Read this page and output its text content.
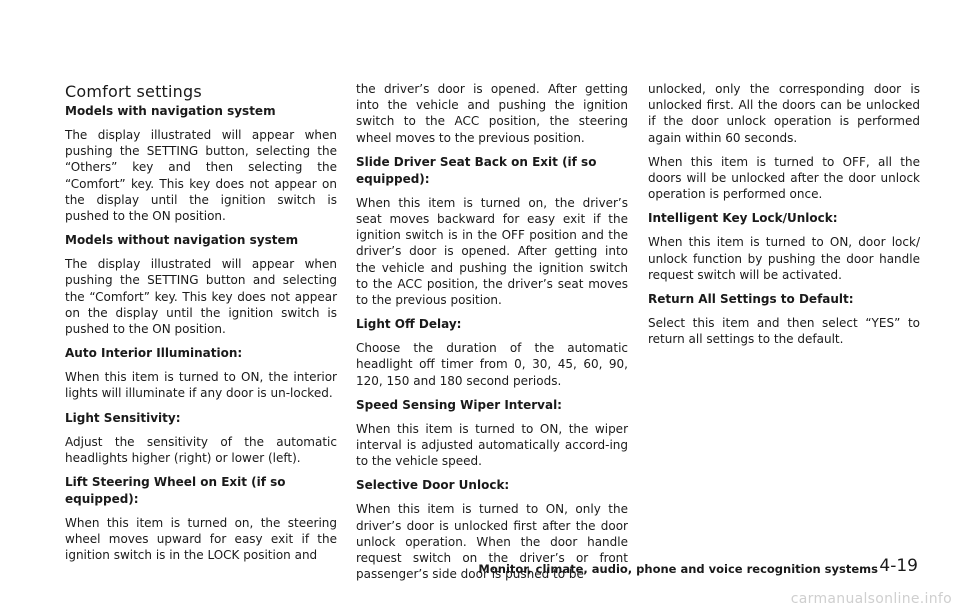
Comfort settings
Models with navigation system
The display illustrated will appear when pushing the SETTING button, selecting the “Others” key and then selecting the “Comfort” key. This key does not appear on the display until the ignition switch is pushed to the ON position.
Models without navigation system
The display illustrated will appear when pushing the SETTING button and selecting the “Comfort” key. This key does not appear on the display until the ignition switch is pushed to the ON position.
Auto Interior Illumination:
When this item is turned to ON, the interior lights will illuminate if any door is un-locked.
Light Sensitivity:
Adjust the sensitivity of the automatic headlights higher (right) or lower (left).
Lift Steering Wheel on Exit (if so equipped):
When this item is turned on, the steering wheel moves upward for easy exit if the ignition switch is in the LOCK position and
the driver’s door is opened. After getting into the vehicle and pushing the ignition switch to the ACC position, the steering wheel moves to the previous position.
Slide Driver Seat Back on Exit (if so equipped):
When this item is turned on, the driver’s seat moves backward for easy exit if the ignition switch is in the OFF position and the driver’s door is opened. After getting into the vehicle and pushing the ignition switch to the ACC position, the driver’s seat moves to the previous position.
Light Off Delay:
Choose the duration of the automatic headlight off timer from 0, 30, 45, 60, 90, 120, 150 and 180 second periods.
Speed Sensing Wiper Interval:
When this item is turned to ON, the wiper interval is adjusted automatically accord-ing to the vehicle speed.
Selective Door Unlock:
When this item is turned to ON, only the driver’s door is unlocked first after the door unlock operation. When the door handle request switch on the driver’s or front passenger’s side door is pushed to be
unlocked, only the corresponding door is unlocked first. All the doors can be unlocked if the door unlock operation is performed again within 60 seconds.
When this item is turned to OFF, all the doors will be unlocked after the door unlock operation is performed once.
Intelligent Key Lock/Unlock:
When this item is turned to ON, door lock/ unlock function by pushing the door handle request switch will be activated.
Return All Settings to Default:
Select this item and then select “YES” to return all settings to the default.
Monitor, climate, audio, phone and voice recognition systems 4-19
carmanualsonline.info
